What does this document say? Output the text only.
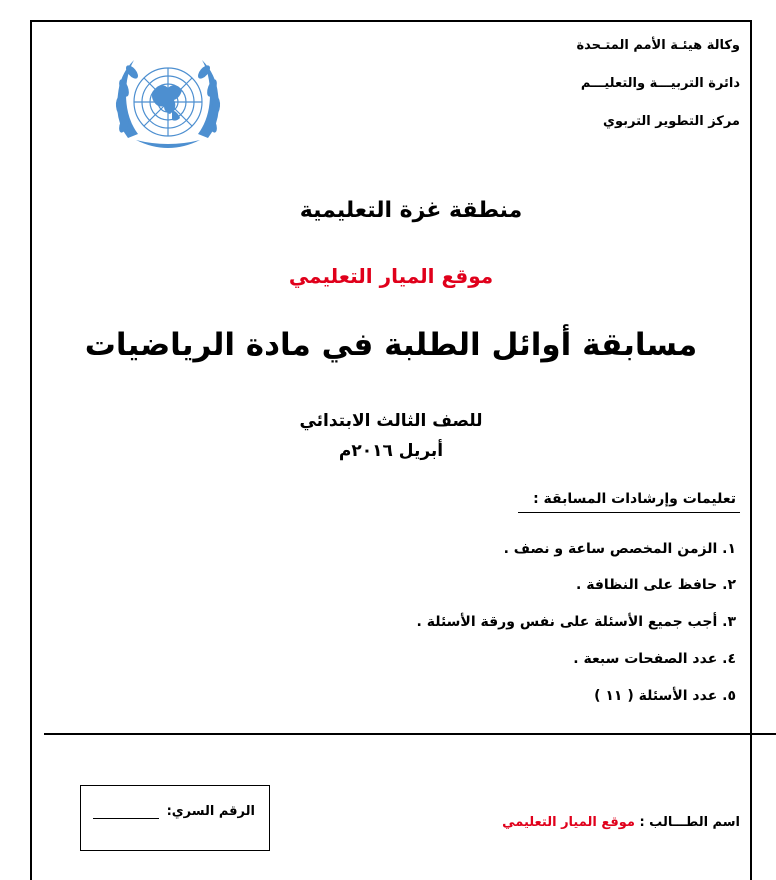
وكالة هيئـة الأمم المتـحدة
دائرة التربيـــة والتعليـــم
مركز التطوير التربوي
منطقة غزة التعليمية
موقع الميار التعليمي
مسابقة أوائل الطلبة في مادة الرياضيات
للصف الثالث الابتدائي
أبريل ٢٠١٦م
تعليمات وإرشادات المسابقة :
١. الزمن المخصص ساعة و نصف .
٢. حافظ على النظافة .
٣. أجب جميع الأسئلة على نفس ورقة الأسئلة .
٤. عدد الصفحات سبعة .
٥. عدد الأسئلة ( ١١ )
الرقم السري:
اسم الطـــالب : موقع الميار التعليمي
